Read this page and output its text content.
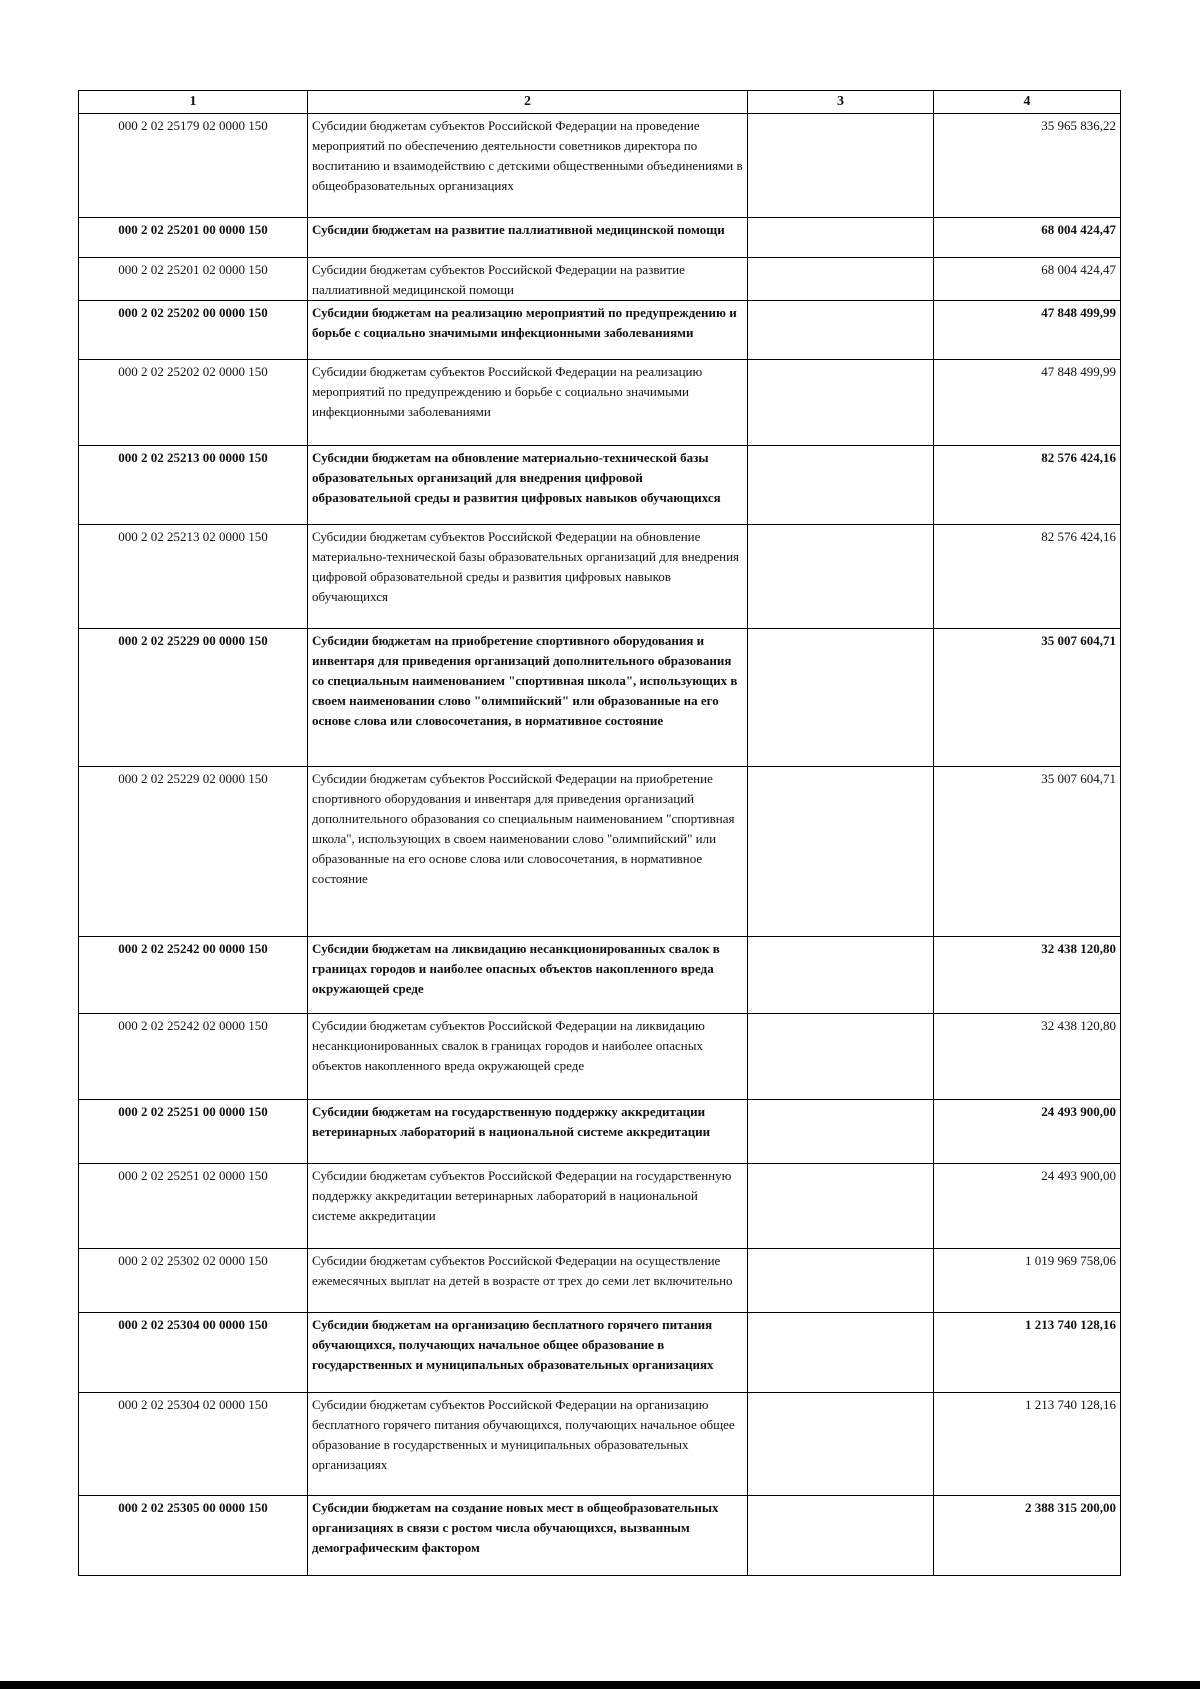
1	2	3	4
000 2 02 25179 02 0000 150	Субсидии бюджетам субъектов Российской Федерации на проведение мероприятий по обеспечению деятельности советников директора по воспитанию и взаимодействию с детскими общественными объединениями в общеобразовательных организациях		35 965 836,22
000 2 02 25201 00 0000 150	Субсидии бюджетам на развитие паллиативной медицинской помощи		68 004 424,47
000 2 02 25201 02 0000 150	Субсидии бюджетам субъектов Российской Федерации на развитие паллиативной медицинской помощи		68 004 424,47
000 2 02 25202 00 0000 150	Субсидии бюджетам на реализацию мероприятий по предупреждению и борьбе с социально значимыми инфекционными заболеваниями		47 848 499,99
000 2 02 25202 02 0000 150	Субсидии бюджетам субъектов Российской Федерации на реализацию мероприятий по предупреждению и борьбе с социально значимыми инфекционными заболеваниями		47 848 499,99
000 2 02 25213 00 0000 150	Субсидии бюджетам на обновление материально-технической базы образовательных организаций для внедрения цифровой образовательной среды и развития цифровых навыков обучающихся		82 576 424,16
000 2 02 25213 02 0000 150	Субсидии бюджетам субъектов Российской Федерации на обновление материально-технической базы образовательных организаций для внедрения цифровой образовательной среды и развития цифровых навыков обучающихся		82 576 424,16
000 2 02 25229 00 0000 150	Субсидии бюджетам на приобретение спортивного оборудования и инвентаря для приведения организаций дополнительного образования со специальным наименованием "спортивная школа", использующих в своем наименовании слово "олимпийский" или образованные на его основе слова или словосочетания, в нормативное состояние		35 007 604,71
000 2 02 25229 02 0000 150	Субсидии бюджетам субъектов Российской Федерации на приобретение спортивного оборудования и инвентаря для приведения организаций дополнительного образования со специальным наименованием "спортивная школа", использующих в своем наименовании слово "олимпийский" или образованные на его основе слова или словосочетания, в нормативное состояние		35 007 604,71
000 2 02 25242 00 0000 150	Субсидии бюджетам на ликвидацию несанкционированных свалок в границах городов и наиболее опасных объектов накопленного вреда окружающей среде		32 438 120,80
000 2 02 25242 02 0000 150	Субсидии бюджетам субъектов Российской Федерации на ликвидацию несанкционированных свалок в границах городов и наиболее опасных объектов накопленного вреда окружающей среде		32 438 120,80
000 2 02 25251 00 0000 150	Субсидии бюджетам на государственную поддержку аккредитации ветеринарных лабораторий в национальной системе аккредитации		24 493 900,00
000 2 02 25251 02 0000 150	Субсидии бюджетам субъектов Российской Федерации на государственную поддержку аккредитации ветеринарных лабораторий в национальной системе аккредитации		24 493 900,00
000 2 02 25302 02 0000 150	Субсидии бюджетам субъектов Российской Федерации на осуществление ежемесячных выплат на детей в возрасте от трех до семи лет включительно		1 019 969 758,06
000 2 02 25304 00 0000 150	Субсидии бюджетам на организацию бесплатного горячего питания обучающихся, получающих начальное общее образование в государственных и муниципальных образовательных организациях		1 213 740 128,16
000 2 02 25304 02 0000 150	Субсидии бюджетам субъектов Российской Федерации на организацию бесплатного горячего питания обучающихся, получающих начальное общее образование в государственных и муниципальных образовательных организациях		1 213 740 128,16
000 2 02 25305 00 0000 150	Субсидии бюджетам на создание новых мест в общеобразовательных организациях в связи с ростом числа обучающихся, вызванным демографическим фактором		2 388 315 200,00
